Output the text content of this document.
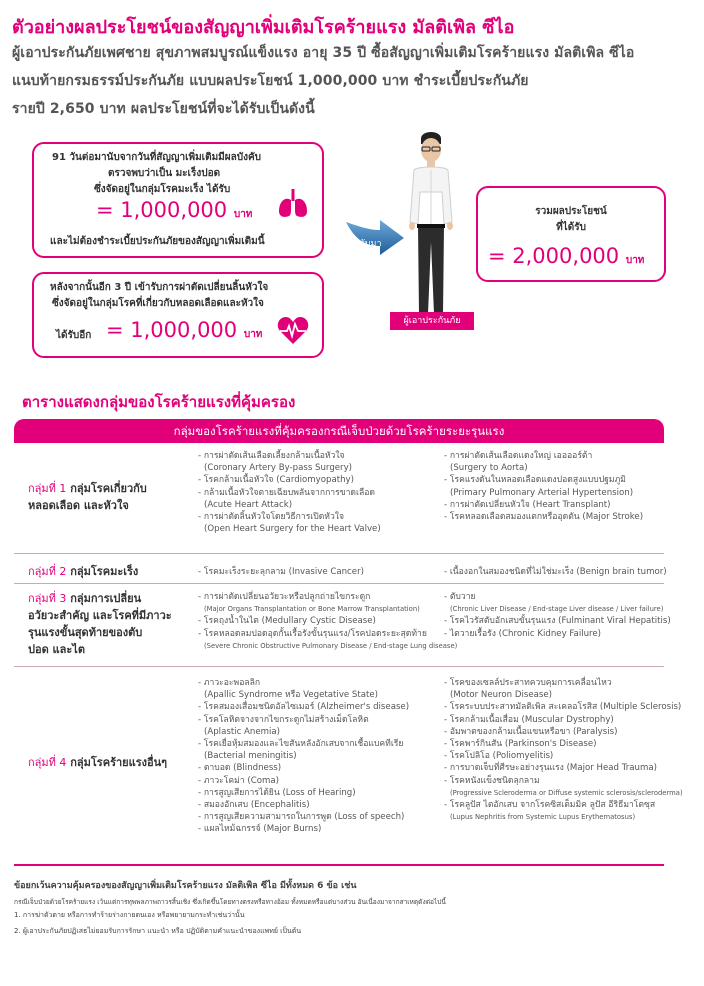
ตัวอย่างผลประโยชน์ของสัญญาเพิ่มเติมโรคร้ายแรง มัลติเพิล ซีไอ
ผู้เอาประกันภัยเพศชาย สุขภาพสมบูรณ์แข็งแรง อายุ 35 ปี ซื้อสัญญาเพิ่มเติมโรคร้ายแรง มัลติเพิล ซีไอ
แนบท้ายกรมธรรม์ประกันภัย แบบผลประโยชน์ 1,000,000 บาท ชำระเบี้ยประกันภัย
รายปี 2,650 บาท ผลประโยชน์ที่จะได้รับเป็นดังนี้
91 วันต่อมานับจากวันที่สัญญาเพิ่มเติมมีผลบังคับ
ตรวจพบว่าเป็น มะเร็งปอด
ซึ่งจัดอยู่ในกลุ่มโรคมะเร็ง ได้รับ
= 1,000,000 บาท
และไม่ต้องชำระเบี้ยประกันภัยของสัญญาเพิ่มเติมนี้
หลังจากนั้นอีก 3 ปี เข้ารับการผ่าตัดเปลี่ยนลิ้นหัวใจ
ซึ่งจัดอยู่ในกลุ่มโรคที่เกี่ยวกับหลอดเลือดและหัวใจ
ได้รับอีก = 1,000,000 บาท
รับมา
ผู้เอาประกันภัย
รวมผลประโยชน์
ที่ได้รับ
= 2,000,000 บาท
ตารางแสดงกลุ่มของโรคร้ายแรงที่คุ้มครอง
กลุ่มของโรคร้ายแรงที่คุ้มครองกรณีเจ็บป่วยด้วยโรคร้ายระยะรุนแรง
กลุ่มที่ 1 กลุ่มโรคเกี่ยวกับ
หลอดเลือด และหัวใจ
- การผ่าตัดเส้นเลือดเลี้ยงกล้ามเนื้อหัวใจ
(Coronary Artery By-pass Surgery)
- โรคกล้ามเนื้อหัวใจ (Cardiomyopathy)
- กล้ามเนื้อหัวใจตายเฉียบพลันจากการขาดเลือด
(Acute Heart Attack)
- การผ่าตัดลิ้นหัวใจโดยวิธีการเปิดหัวใจ
(Open Heart Surgery for the Heart Valve)
- การผ่าตัดเส้นเลือดแดงใหญ่ เออออร์ต้า
(Surgery to Aorta)
- โรคแรงดันในหลอดเลือดแดงปอดสูงแบบปฐมภูมิ
(Primary Pulmonary Arterial Hypertension)
- การผ่าตัดเปลี่ยนหัวใจ (Heart Transplant)
- โรคหลอดเลือดสมองแตกหรืออุดตัน (Major Stroke)
กลุ่มที่ 2 กลุ่มโรคมะเร็ง	- โรคมะเร็งระยะลุกลาม (Invasive Cancer)	- เนื้องอกในสมองชนิดที่ไม่ใช่มะเร็ง (Benign brain tumor)
กลุ่มที่ 3 กลุ่มการเปลี่ยน
อวัยวะสำคัญ และโรคที่มีภาวะ
รุนแรงขั้นสุดท้ายของตับ
ปอด และไต
- การผ่าตัดเปลี่ยนอวัยวะหรือปลูกถ่ายไขกระดูก
(Major Organs Transplantation or Bone Marrow Transplantation)
- โรคถุงน้ำในไต (Medullary Cystic Disease)
- โรคหลอดลมปอดอุดกั้นเรื้อรังขั้นรุนแรง/โรคปอดระยะสุดท้าย
(Severe Chronic Obstructive Pulmonary Disease / End-stage Lung disease)
- ตับวาย
(Chronic Liver Disease / End-stage Liver disease / Liver failure)
- โรคไวรัสตับอักเสบขั้นรุนแรง (Fulminant Viral Hepatitis)
- ไตวายเรื้อรัง (Chronic Kidney Failure)
กลุ่มที่ 4 กลุ่มโรคร้ายแรงอื่นๆ
- ภาวะอะพอลลิก
(Apallic Syndrome หรือ Vegetative State)
- โรคสมองเสื่อมชนิดอัลไซเมอร์ (Alzheimer's disease)
- โรคโลหิตจางจากไขกระดูกไม่สร้างเม็ดโลหิต
(Aplastic Anemia)
- โรคเยื่อหุ้มสมองและไขสันหลังอักเสบจากเชื้อแบคทีเรีย
(Bacterial meningitis)
- ตาบอด (Blindness)
- ภาวะโคม่า (Coma)
- การสูญเสียการได้ยิน (Loss of Hearing)
- สมองอักเสบ (Encephalitis)
- การสูญเสียความสามารถในการพูด (Loss of speech)
- แผลไหม้ฉกรรจ์ (Major Burns)
- โรคของเซลล์ประสาทควบคุมการเคลื่อนไหว
(Motor Neuron Disease)
- โรคระบบประสาทมัลติเพิล สะเคลอโรสิส (Multiple Sclerosis)
- โรคกล้ามเนื้อเสื่อม (Muscular Dystrophy)
- อัมพาตของกล้ามเนื้อแขนหรือขา (Paralysis)
- โรคพาร์กินสัน (Parkinson's Disease)
- โรคโปลิโอ (Poliomyelitis)
- การบาดเจ็บที่ศีรษะอย่างรุนแรง (Major Head Trauma)
- โรคหนังแข็งชนิดลุกลาม
(Progressive Scleroderma or Diffuse systemic sclerosis/scleroderma)
- โรคลูปัส ไตอักเสบ จากโรคซิสเต็มมิค ลูปัส อีริธีมาโตซุส
(Lupus Nephritis from Systemic Lupus Erythematosus)
ข้อยกเว้นความคุ้มครองของสัญญาเพิ่มเติมโรคร้ายแรง มัลติเพิล ซีไอ มีทั้งหมด 6 ข้อ เช่น
กรณีเจ็บป่วยด้วยโรคร้ายแรง เว้นแต่การทุพพลภาพถาวรสิ้นเชิง ซึ่งเกิดขึ้นโดยทางตรงหรือทางอ้อม ทั้งหมดหรือแต่บางส่วน อันเนื่องมาจากสาเหตุดังต่อไปนี้
1. การฆ่าตัวตาย หรือการทำร้ายร่างกายตนเอง หรือพยายามกระทำเช่นว่านั้น
2. ผู้เอาประกันภัยปฏิเสธไม่ยอมรับการรักษา แนะนำ หรือ ปฏิบัติตามคำแนะนำของแพทย์ เป็นต้น
